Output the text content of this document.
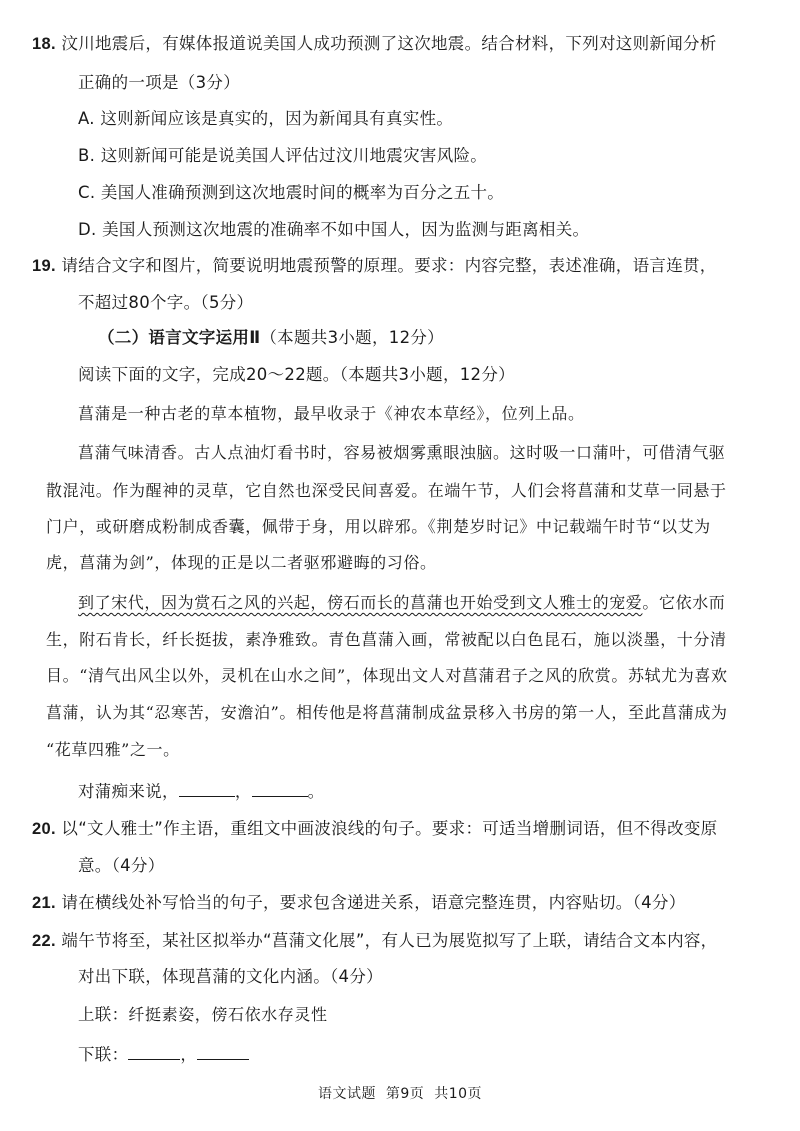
18. 汶川地震后，有媒体报道说美国人成功预测了这次地震。结合材料，下列对这则新闻分析
正确的一项是（3分）
A. 这则新闻应该是真实的，因为新闻具有真实性。
B. 这则新闻可能是说美国人评估过汶川地震灾害风险。
C. 美国人准确预测到这次地震时间的概率为百分之五十。
D. 美国人预测这次地震的准确率不如中国人，因为监测与距离相关。
19. 请结合文字和图片，简要说明地震预警的原理。要求：内容完整，表述准确，语言连贯，
不超过80个字。（5分）
（二）语言文字运用Ⅱ（本题共3小题，12分）
阅读下面的文字，完成20～22题。（本题共3小题，12分）
菖蒲是一种古老的草本植物，最早收录于《神农本草经》，位列上品。
菖蒲气味清香。古人点油灯看书时，容易被烟雾熏眼浊脑。这时吸一口蒲叶，可借清气驱
散混沌。作为醒神的灵草，它自然也深受民间喜爱。在端午节，人们会将菖蒲和艾草一同悬于
门户，或研磨成粉制成香囊，佩带于身，用以辟邪。《荆楚岁时记》中记载端午时节“以艾为
虎，菖蒲为剑”，体现的正是以二者驱邪避晦的习俗。
到了宋代，因为赏石之风的兴起，傍石而长的菖蒲也开始受到文人雅士的宠爱。它依水而
生，附石肯长，纤长挺拔，素净雅致。青色菖蒲入画，常被配以白色昆石，施以淡墨，十分清
目。“清气出风尘以外，灵机在山水之间”，体现出文人对菖蒲君子之风的欣赏。苏轼尤为喜欢
菖蒲，认为其“忍寒苦，安澹泊”。相传他是将菖蒲制成盆景移入书房的第一人，至此菖蒲成为
“花草四雅”之一。
对蒲痴来说，	，	。
20. 以“文人雅士”作主语，重组文中画波浪线的句子。要求：可适当增删词语，但不得改变原
意。（4分）
21. 请在横线处补写恰当的句子，要求包含递进关系，语意完整连贯，内容贴切。（4分）
22. 端午节将至，某社区拟举办“菖蒲文化展”，有人已为展览拟写了上联，请结合文本内容，
对出下联，体现菖蒲的文化内涵。（4分）
上联：纤挺素姿，傍石依水存灵性
下联：	，
语文试题 第9页 共10页
